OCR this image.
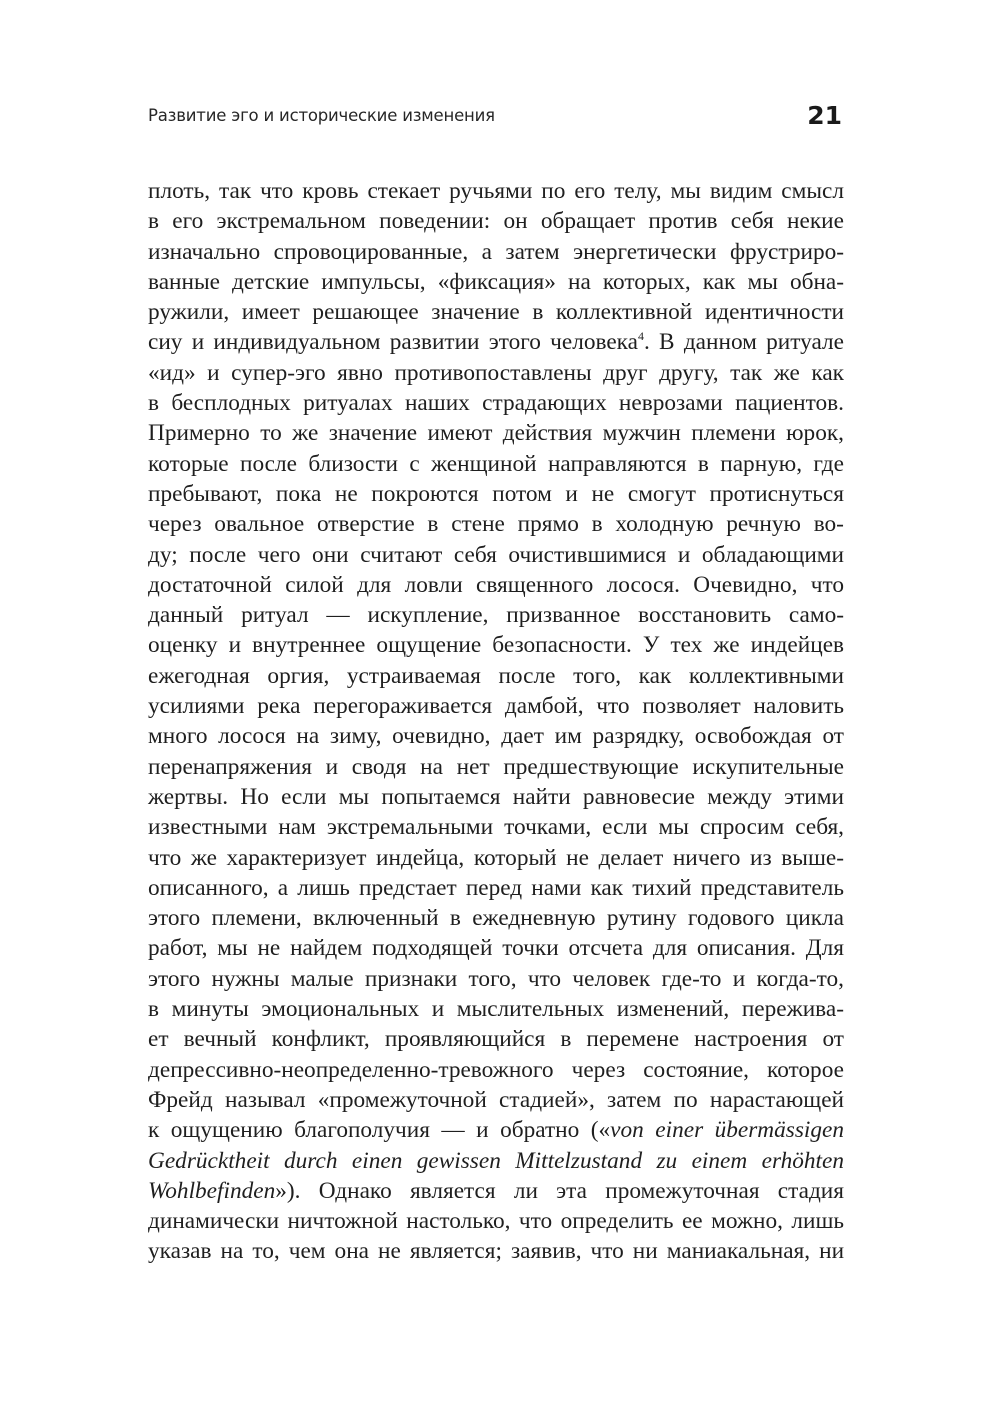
Развитие эго и исторические изменения	21
плоть, так что кровь стекает ручьями по его телу, мы видим смысл
в его экстремальном поведении: он обращает против себя некие
изначально спровоцированные, а затем энергетически фрустриро-
ванные детские импульсы, «фиксация» на которых, как мы обна-
ружили, имеет решающее значение в коллективной идентичности
сиу и индивидуальном развитии этого человека$^4$. В данном ритуале
«ид» и супер-эго явно противопоставлены друг другу, так же как
в бесплодных ритуалах наших страдающих неврозами пациентов.
Примерно то же значение имеют действия мужчин племени юрок,
которые после близости с женщиной направляются в парную, где
пребывают, пока не покроются потом и не смогут протиснуться
через овальное отверстие в стене прямо в холодную речную во-
ду; после чего они считают себя очистившимися и обладающими
достаточной силой для ловли священного лосося. Очевидно, что
данный ритуал — искупление, призванное восстановить само-
оценку и внутреннее ощущение безопасности. У тех же индейцев
ежегодная оргия, устраиваемая после того, как коллективными
усилиями река перегораживается дамбой, что позволяет наловить
много лосося на зиму, очевидно, дает им разрядку, освобождая от
перенапряжения и сводя на нет предшествующие искупительные
жертвы. Но если мы попытаемся найти равновесие между этими
известными нам экстремальными точками, если мы спросим себя,
что же характеризует индейца, который не делает ничего из выше-
описанного, а лишь предстает перед нами как тихий представитель
этого племени, включенный в ежедневную рутину годового цикла
работ, мы не найдем подходящей точки отсчета для описания. Для
этого нужны малые признаки того, что человек где-то и когда-то,
в минуты эмоциональных и мыслительных изменений, пережива-
ет вечный конфликт, проявляющийся в перемене настроения от
депрессивно-неопределенно-тревожного через состояние, которое
Фрейд называл «промежуточной стадией», затем по нарастающей
к ощущению благополучия — и обратно («von einer übermässigen
Gedrücktheit durch einen gewissen Mittelzustand zu einem erhöhten
Wohlbefinden»). Однако является ли эта промежуточная стадия
динамически ничтожной настолько, что определить ее можно, лишь
указав на то, чем она не является; заявив, что ни маниакальная, ни
